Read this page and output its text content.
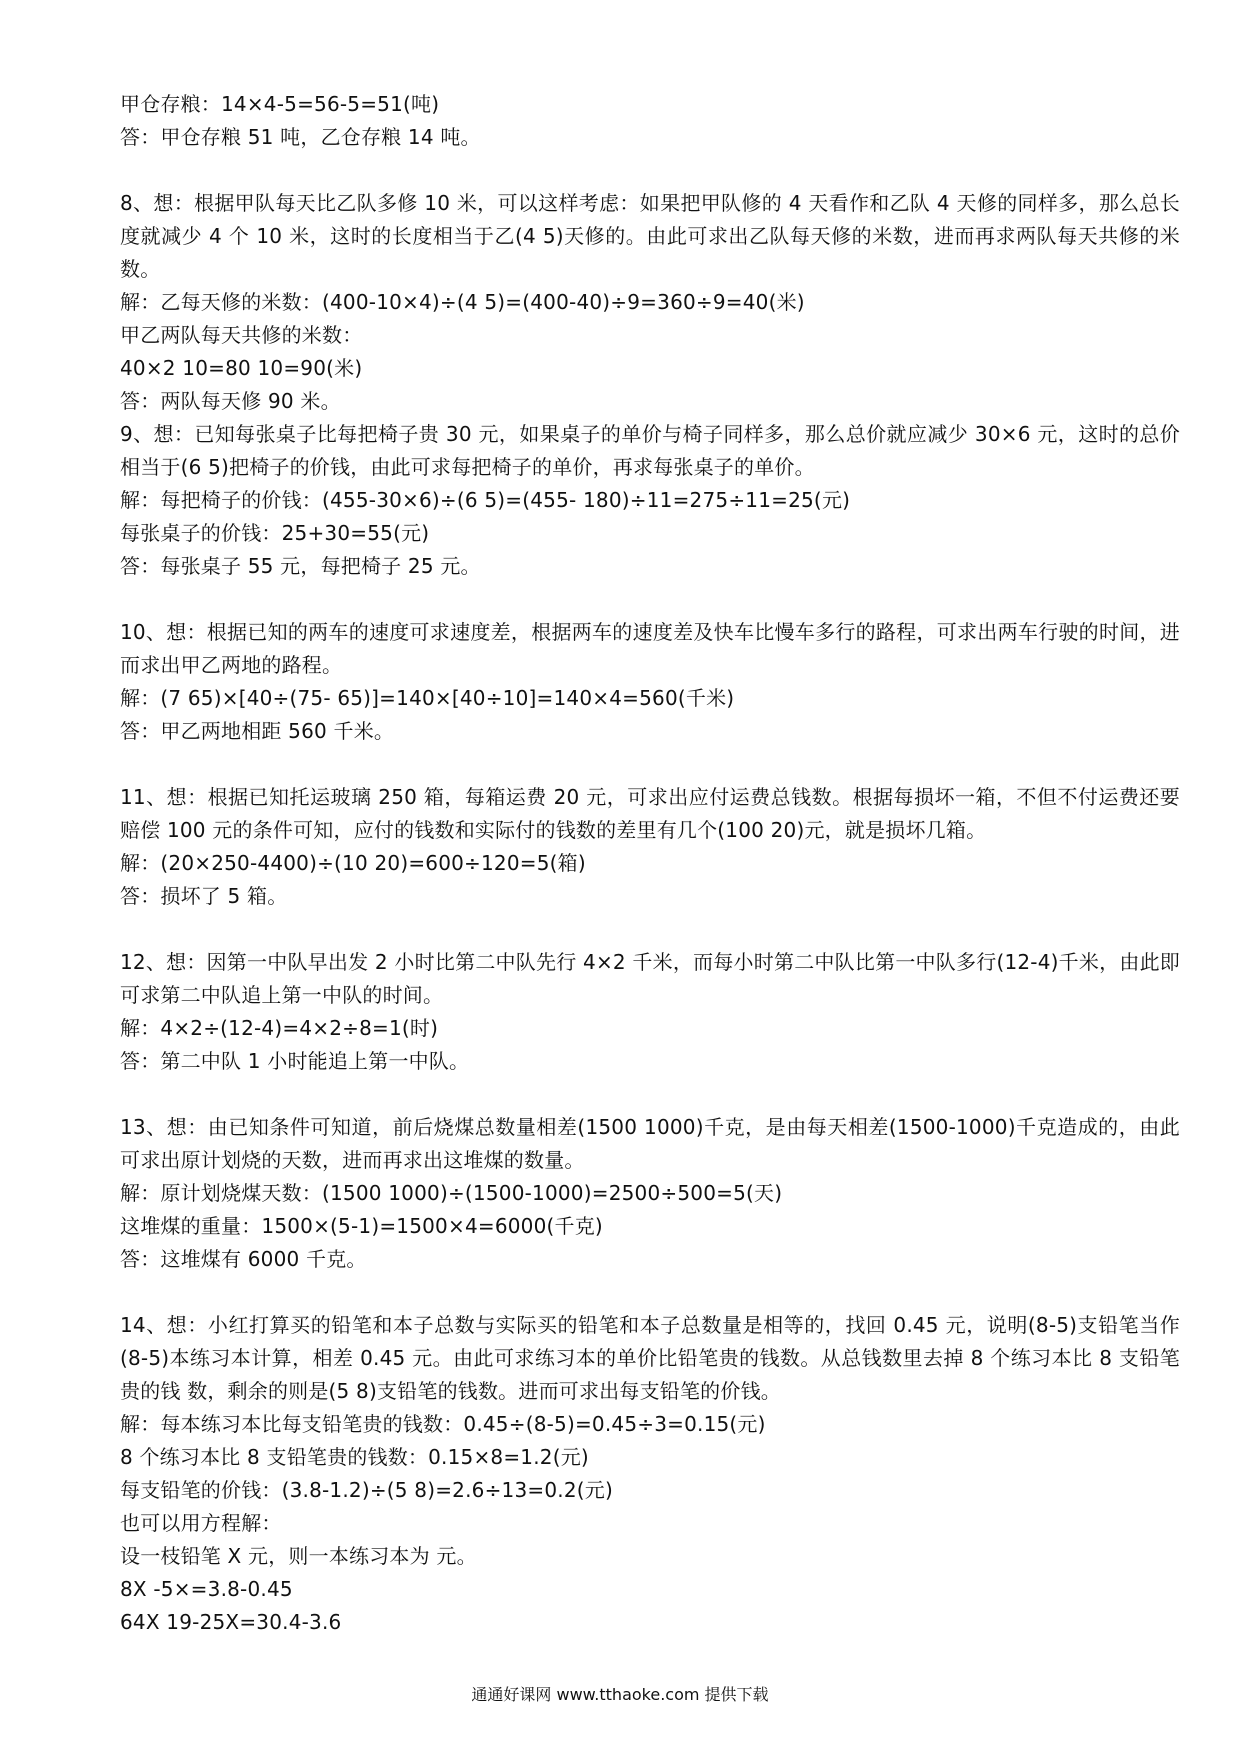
甲仓存粮：14×4-5=56-5=51(吨)

答：甲仓存粮 51 吨，乙仓存粮 14 吨。

8、想：根据甲队每天比乙队多修 10 米，可以这样考虑：如果把甲队修的 4 天看作和乙队 4 天修的同样多，那么总长度就减少 4 个 10 米，这时的长度相当于乙(4 5)天修的。由此可求出乙队每天修的米数，进而再求两队每天共修的米数。

解：乙每天修的米数：(400-10×4)÷(4 5)=(400-40)÷9=360÷9=40(米)

甲乙两队每天共修的米数：

40×2 10=80 10=90(米)

答：两队每天修 90 米。

9、想：已知每张桌子比每把椅子贵 30 元，如果桌子的单价与椅子同样多，那么总价就应减少 30×6 元，这时的总价相当于(6 5)把椅子的价钱，由此可求每把椅子的单价，再求每张桌子的单价。

解：每把椅子的价钱：(455-30×6)÷(6 5)=(455- 180)÷11=275÷11=25(元)

每张桌子的价钱：25+30=55(元)

答：每张桌子 55 元，每把椅子 25 元。

10、想：根据已知的两车的速度可求速度差，根据两车的速度差及快车比慢车多行的路程，可求出两车行驶的时间，进而求出甲乙两地的路程。

解：(7 65)×[40÷(75- 65)]=140×[40÷10]=140×4=560(千米)

答：甲乙两地相距 560 千米。

11、想：根据已知托运玻璃 250 箱，每箱运费 20 元，可求出应付运费总钱数。根据每损坏一箱，不但不付运费还要赔偿 100 元的条件可知，应付的钱数和实际付的钱数的差里有几个(100 20)元，就是损坏几箱。

解：(20×250-4400)÷(10 20)=600÷120=5(箱)

答：损坏了 5 箱。

12、想：因第一中队早出发 2 小时比第二中队先行 4×2 千米，而每小时第二中队比第一中队多行(12-4)千米，由此即可求第二中队追上第一中队的时间。

解：4×2÷(12-4)=4×2÷8=1(时)

答：第二中队 1 小时能追上第一中队。

13、想：由已知条件可知道，前后烧煤总数量相差(1500 1000)千克，是由每天相差(1500-1000)千克造成的，由此可求出原计划烧的天数，进而再求出这堆煤的数量。

解：原计划烧煤天数：(1500 1000)÷(1500-1000)=2500÷500=5(天)

这堆煤的重量：1500×(5-1)=1500×4=6000(千克)

答：这堆煤有 6000 千克。

14、想：小红打算买的铅笔和本子总数与实际买的铅笔和本子总数量是相等的，找回 0.45 元，说明(8-5)支铅笔当作(8-5)本练习本计算，相差 0.45 元。由此可求练习本的单价比铅笔贵的钱数。从总钱数里去掉 8 个练习本比 8 支铅笔贵的钱 数，剩余的则是(5 8)支铅笔的钱数。进而可求出每支铅笔的价钱。

解：每本练习本比每支铅笔贵的钱数：0.45÷(8-5)=0.45÷3=0.15(元)

8 个练习本比 8 支铅笔贵的钱数：0.15×8=1.2(元)

每支铅笔的价钱：(3.8-1.2)÷(5 8)=2.6÷13=0.2(元)

也可以用方程解：

设一枝铅笔 X 元，则一本练习本为 元。

8X -5×=3.8-0.45

64X 19-25X=30.4-3.6

通通好课网 www.tthaoke.com 提供下载
